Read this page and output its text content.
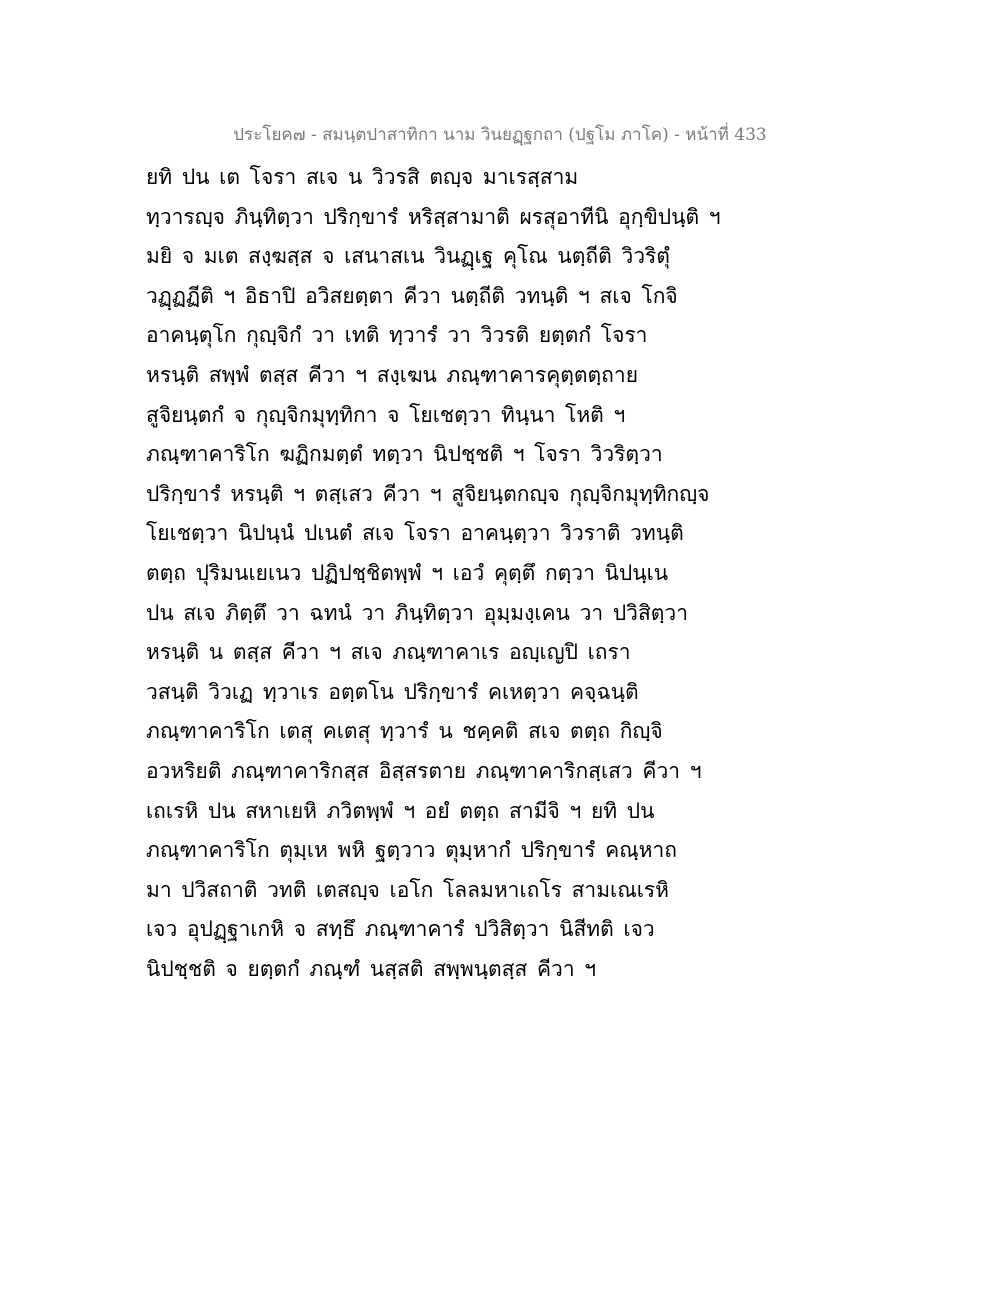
ประโยค๗ - สมนฺตปาสาทิกา นาม วินยฏฺฐกถา (ปฐโม ภาโค) - หน้าที่ 433
ยทิ ปน เต โจรา สเจ น วิวรสิ ตญฺจ มาเรสฺสาม
ทฺวารญฺจ ภินฺทิตฺวา ปริกฺขารํ หริสฺสามาติ ผรสุอาทีนิ อุกฺขิปนฺติ ฯ
มยิ จ มเต สงฺฆสฺส จ เสนาสเน วินฏฺเฐ คุโณ นตฺถีติ วิวริตุํ
วฏฺฏฏีติ ฯ อิธาปิ อวิสยตฺตา คีวา นตฺถีติ วทนฺติ ฯ สเจ โกจิ
อาคนฺตุโก กุญฺจิกํ วา เทติ ทฺวารํ วา วิวรติ ยตฺตกํ โจรา
หรนฺติ สพฺพํ ตสฺส คีวา ฯ สงฺเฆน ภณฺฑาคารคุตฺตตฺถาย
สูจิยนฺตกํ จ กุญฺจิกมุทฺทิกา จ โยเชตฺวา ทินฺนา โหติ ฯ
ภณฺฑาคาริโก ฆฏิกมตฺตํ ทตฺวา นิปชฺชติ ฯ โจรา วิวริตฺวา
ปริกฺขารํ หรนฺติ ฯ ตสฺเสว คีวา ฯ สูจิยนฺตกญฺจ กุญฺจิกมุทฺทิกญฺจ
โยเชตฺวา นิปนฺนํ ปเนตํ สเจ โจรา อาคนฺตฺวา วิวราติ วทนฺติ
ตตฺถ ปุริมนเยเนว ปฏิปชฺชิตพฺพํ ฯ เอวํ คุตฺตึ กตฺวา นิปนฺเน
ปน สเจ ภิตฺตึ วา ฉทนํ วา ภินฺทิตฺวา อุมฺมงฺเคน วา ปวิสิตฺวา
หรนฺติ น ตสฺส คีวา ฯ สเจ ภณฺฑาคาเร อญฺเญปิ เถรา
วสนฺติ วิวเฏ ทฺวาเร อตฺตโน ปริกฺขารํ คเหตฺวา คจฺฉนฺติ
ภณฺฑาคาริโก เตสุ คเตสุ ทฺวารํ น ชคฺคติ สเจ ตตฺถ กิญฺจิ
อวหริยติ ภณฺฑาคาริกสฺส อิสฺสรตาย ภณฺฑาคาริกสฺเสว คีวา ฯ
เถเรหิ ปน สหาเยหิ ภวิตพฺพํ ฯ อยํ ตตฺถ สามีจิ ฯ ยทิ ปน
ภณฺฑาคาริโก ตุมฺเห พหิ ฐตฺวาว ตุมฺหากํ ปริกฺขารํ คณฺหาถ
มา ปวิสถาติ วทติ เตสญฺจ เอโก โลลมหาเถโร สามเณเรหิ
เจว อุปฏฺฐาเกหิ จ สทฺธึ ภณฺฑาคารํ ปวิสิตฺวา นิสีทติ เจว
นิปชฺชติ จ ยตฺตกํ ภณฺฑํ นสฺสติ สพฺพนฺตสฺส คีวา ฯ
